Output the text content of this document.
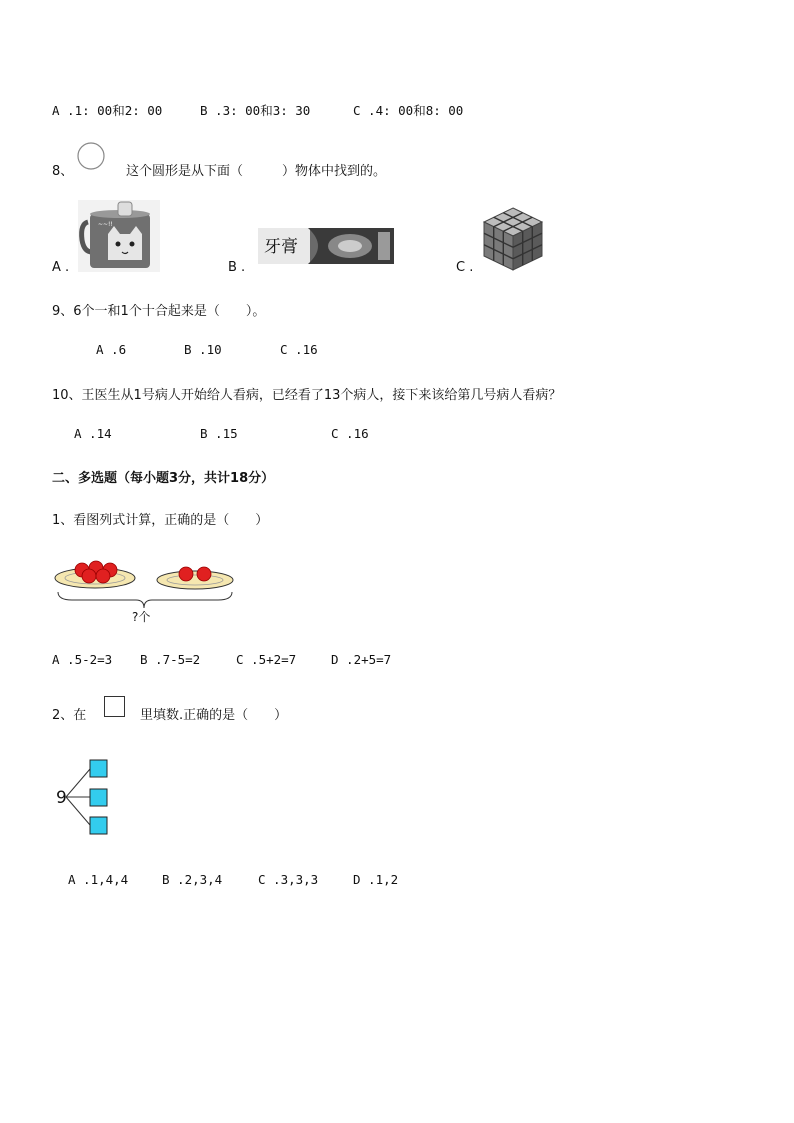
A .1: 00和2: 00	B .3: 00和3: 30	C .4: 00和8: 00
8、	这个圆形是从下面（　　　）物体中找到的。
A .
~~!!
B .
牙膏
C .
9、6个一和1个十合起来是（　　）。
A .6	B .10	C .16
10、王医生从1号病人开始给人看病，已经看了13个病人，接下来该给第几号病人看病？
A .14	B .15	C .16
二、多选题（每小题3分，共计18分）
1、看图列式计算，正确的是（　　）
?个
A .5-2=3 B .7-5=2	C .5+2=7	D .2+5=7
2、在	里填数.正确的是（　　）
9
A .1,4,4	B .2,3,4	C .3,3,3	D .1,2
